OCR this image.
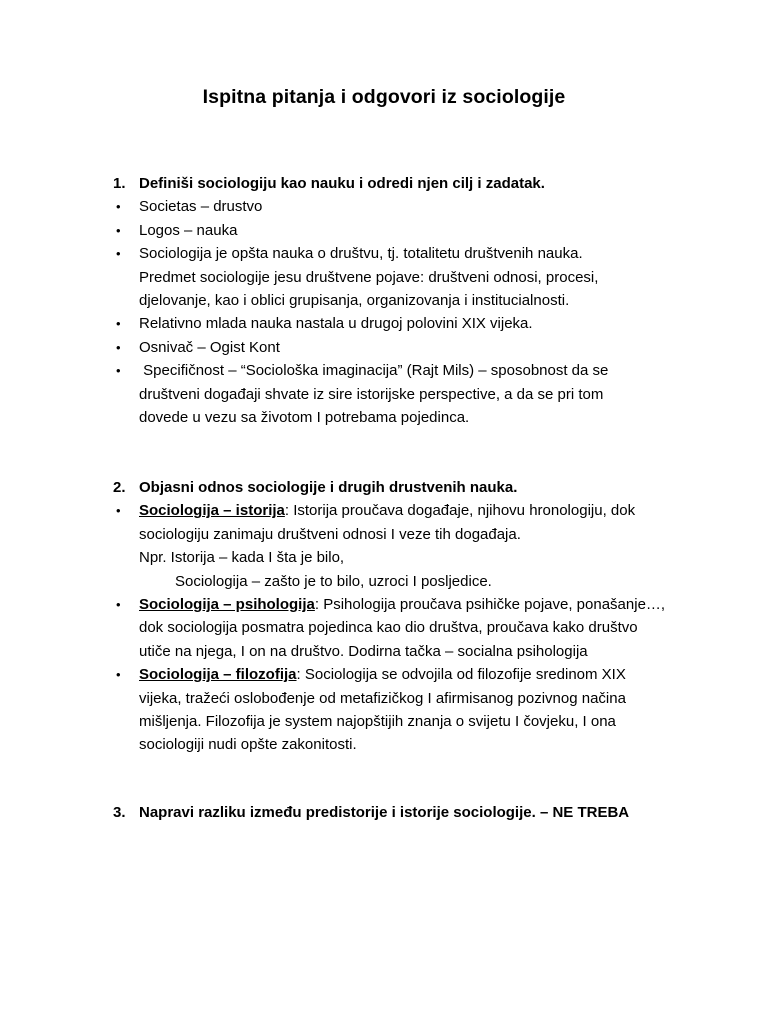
Ispitna pitanja i odgovori iz sociologije
1. Definiši sociologiju kao nauku i odredi njen cilj i zadatak.
• Societas – drustvo
• Logos – nauka
• Sociologija je opšta nauka o društvu, tj. totalitetu društvenih nauka.
Predmet sociologije jesu društvene pojave: društveni odnosi, procesi,
djelovanje, kao i oblici grupisanja, organizovanja i institucialnosti.
• Relativno mlada nauka nastala u drugoj polovini XIX vijeka.
• Osnivač – Ogist Kont
• Specifičnost – “Sociološka imaginacija” (Rajt Mils) – sposobnost da se
društveni događaji shvate iz sire istorijske perspective, a da se pri tom
dovede u vezu sa životom I potrebama pojedinca.
2. Objasni odnos sociologije i drugih drustvenih nauka.
• Sociologija – istorija: Istorija proučava događaje, njihovu hronologiju, dok
sociologiju zanimaju društveni odnosi I veze tih događaja.
Npr. Istorija – kada I šta je bilo,
Sociologija – zašto je to bilo, uzroci I posljedice.
• Sociologija – psihologija: Psihologija proučava psihičke pojave, ponašanje…,
dok sociologija posmatra pojedinca kao dio društva, proučava kako društvo
utiče na njega, I on na društvo. Dodirna tačka – socialna psihologija
• Sociologija – filozofija: Sociologija se odvojila od filozofije sredinom XIX
vijeka, tražeći oslobođenje od metafizičkog I afirmisanog pozivnog načina
mišljenja. Filozofija je system najopštijih znanja o svijetu I čovjeku, I ona
sociologiji nudi opšte zakonitosti.
3. Napravi razliku između predistorije i istorije sociologije. – NE TREBA
